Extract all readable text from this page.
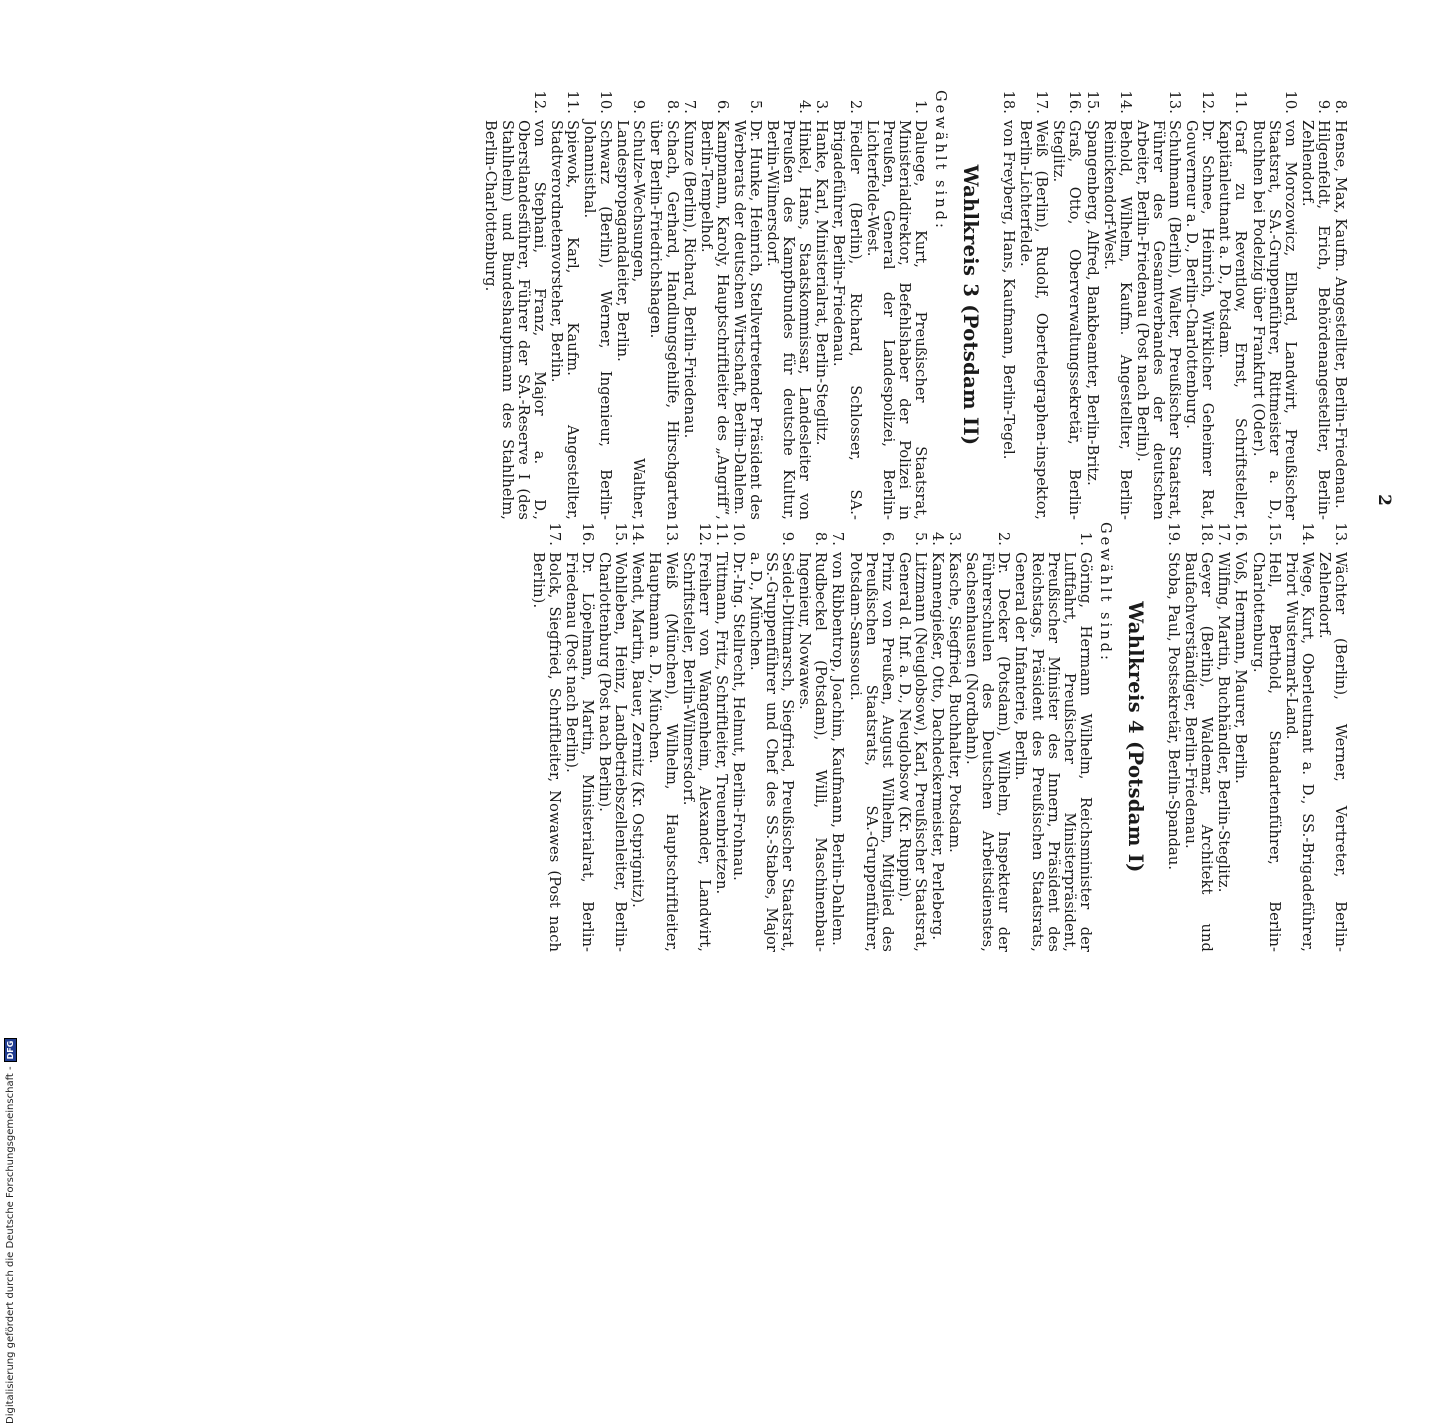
2
8.
Hense, Max, Kaufm. Angestellter, Berlin-Friedenau.
9.
Hilgenfeldt, Erich, Behördenangestellter, Berlin-Zehlendorf.
10.
von Morozowicz, Elhard, Landwirt, Preußischer Staatsrat, SA.-Gruppenführer, Rittmeister a. D., Buchhen bei Podelzig über Frankfurt (Oder).
11.
Graf zu Reventlow, Ernst, Schriftsteller, Kapitänleutnant a. D., Potsdam.
12.
Dr. Schnee, Heinrich, Wirklicher Geheimer Rat, Gouverneur a. D., Berlin-Charlottenburg.
13.
Schuhmann (Berlin), Walter, Preußischer Staatsrat, Führer des Gesamtverbandes der deutschen Arbeiter, Berlin-Friedenau (Post nach Berlin).
14.
Behold, Wilhelm, Kaufm. Angestellter, Berlin-Reinickendorf-West.
15.
Spangenberg, Alfred, Bankbeamter, Berlin-Britz.
16.
Graß, Otto, Oberverwaltungssekretär, Berlin-Steglitz.
17.
Weiß (Berlin), Rudolf, Obertelegraphen-inspektor, Berlin-Lichterfelde.
18.
von Freyberg, Hans, Kaufmann, Berlin-Tegel.
Wahlkreis 3 (Potsdam II)
Gewählt sind:
1.
Daluege, Kurt, Preußischer Staatsrat, Ministerialdirektor, Befehlshaber der Polizei in Preußen, General der Landespolizei, Berlin-Lichterfelde-West.
2.
Fiedler (Berlin), Richard, Schlosser, SA.-Brigadeführer, Berlin-Friedenau.
3.
Hanke, Karl, Ministerialrat, Berlin-Steglitz.
4.
Hinkel, Hans, Staatskommissar, Landesleiter von Preußen des Kampfbundes für deutsche Kultur, Berlin-Wilmersdorf.
5.
Dr. Hunke, Heinrich, Stellvertretender Präsident des Werberats der deutschen Wirtschaft, Berlin-Dahlem.
6.
Kampmann, Karoly, Hauptschriftleiter des „Angriff“, Berlin-Tempelhof.
7.
Kunze (Berlin), Richard, Berlin-Friedenau.
8.
Schach, Gerhard, Handlungsgehilfe, Hirschgarten über Berlin-Friedrichshagen.
9.
Schulze-Wechsungen, Walther, Landespropagandaleiter, Berlin.
10.
Schwarz (Berlin), Werner, Ingenieur, Berlin-Johannisthal.
11.
Spiewok, Karl, Kaufm. Angestellter, Stadtverordnetenvorsteher, Berlin.
12.
von Stephani, Franz, Major a. D., Oberstlandesführer, Führer der SA.-Reserve I (des Stahlhelm) und Bundeshauptmann des Stahlhelm, Berlin-Charlottenburg.
13.
Wächter (Berlin), Werner, Vertreter, Berlin-Zehlendorf.
14.
Wege, Kurt, Oberleutnant a. D., SS.-Brigadeführer, Priort Wustermark-Land.
15.
Hell, Berthold, Standartenführer, Berlin-Charlottenburg.
16.
Voß, Hermann, Maurer, Berlin.
17.
Wilfing, Martin, Buchhändler, Berlin-Steglitz.
18.
Geyer (Berlin), Waldemar, Architekt und Baufachverständiger, Berlin-Friedenau.
19.
Stoba, Paul, Postsekretär, Berlin-Spandau.
Wahlkreis 4 (Potsdam I)
Gewählt sind:
1.
Göring, Hermann Wilhelm, Reichsminister der Luftfahrt, Preußischer Ministerpräsident, Preußischer Minister des Innern, Präsident des Reichstags, Präsident des Preußischen Staatsrats, General der Infanterie, Berlin.
2.
Dr. Decker (Potsdam), Wilhelm, Inspekteur der Führerschulen des Deutschen Arbeitsdienstes, Sachsenhausen (Nordbahn).
3.
Kasche, Siegfried, Buchhalter, Potsdam.
4.
Kannengießer, Otto, Dachdeckermeister, Perleberg.
5.
Litzmann (Neuglobsow), Karl, Preußischer Staatsrat, General d. Inf. a. D., Neuglobsow (Kr. Ruppin).
6.
Prinz von Preußen, August Wilhelm, Mitglied des Preußischen Staatsrats, SA.-Gruppenführer, Potsdam-Sanssouci.
7.
von Ribbentrop, Joachim, Kaufmann, Berlin-Dahlem.
8.
Rudbeckel (Potsdam), Willi, Maschinenbau-Ingenieur, Nowawes.
9.
Seidel-Dittmarsch, Siegfried, Preußischer Staatsrat, SS.-Gruppenführer und Chef des SS.-Stabes, Major a. D., München.
10.
Dr.-Ing. Stellrecht, Helmut, Berlin-Frohnau.
11.
Tittmann, Fritz, Schriftleiter, Treuenbrietzen.
12.
Freiherr von Wangenheim, Alexander, Landwirt, Schriftsteller, Berlin-Wilmersdorf.
13.
Weiß (München), Wilhelm, Hauptschriftleiter, Hauptmann a. D., München.
14.
Wendt, Martin, Bauer, Zernitz (Kr. Ostprignitz).
15.
Wohlleben, Heinz, Landbetriebszellenleiter, Berlin-Charlottenburg (Post nach Berlin).
16.
Dr. Löpelmann, Martin, Ministerialrat, Berlin-Friedenau (Post nach Berlin).
17.
Bolck, Siegfried, Schriftleiter, Nowawes (Post nach Berlin).
Digitalisierung gefördert durch die Deutsche Forschungsgemeinschaft -
DFG
